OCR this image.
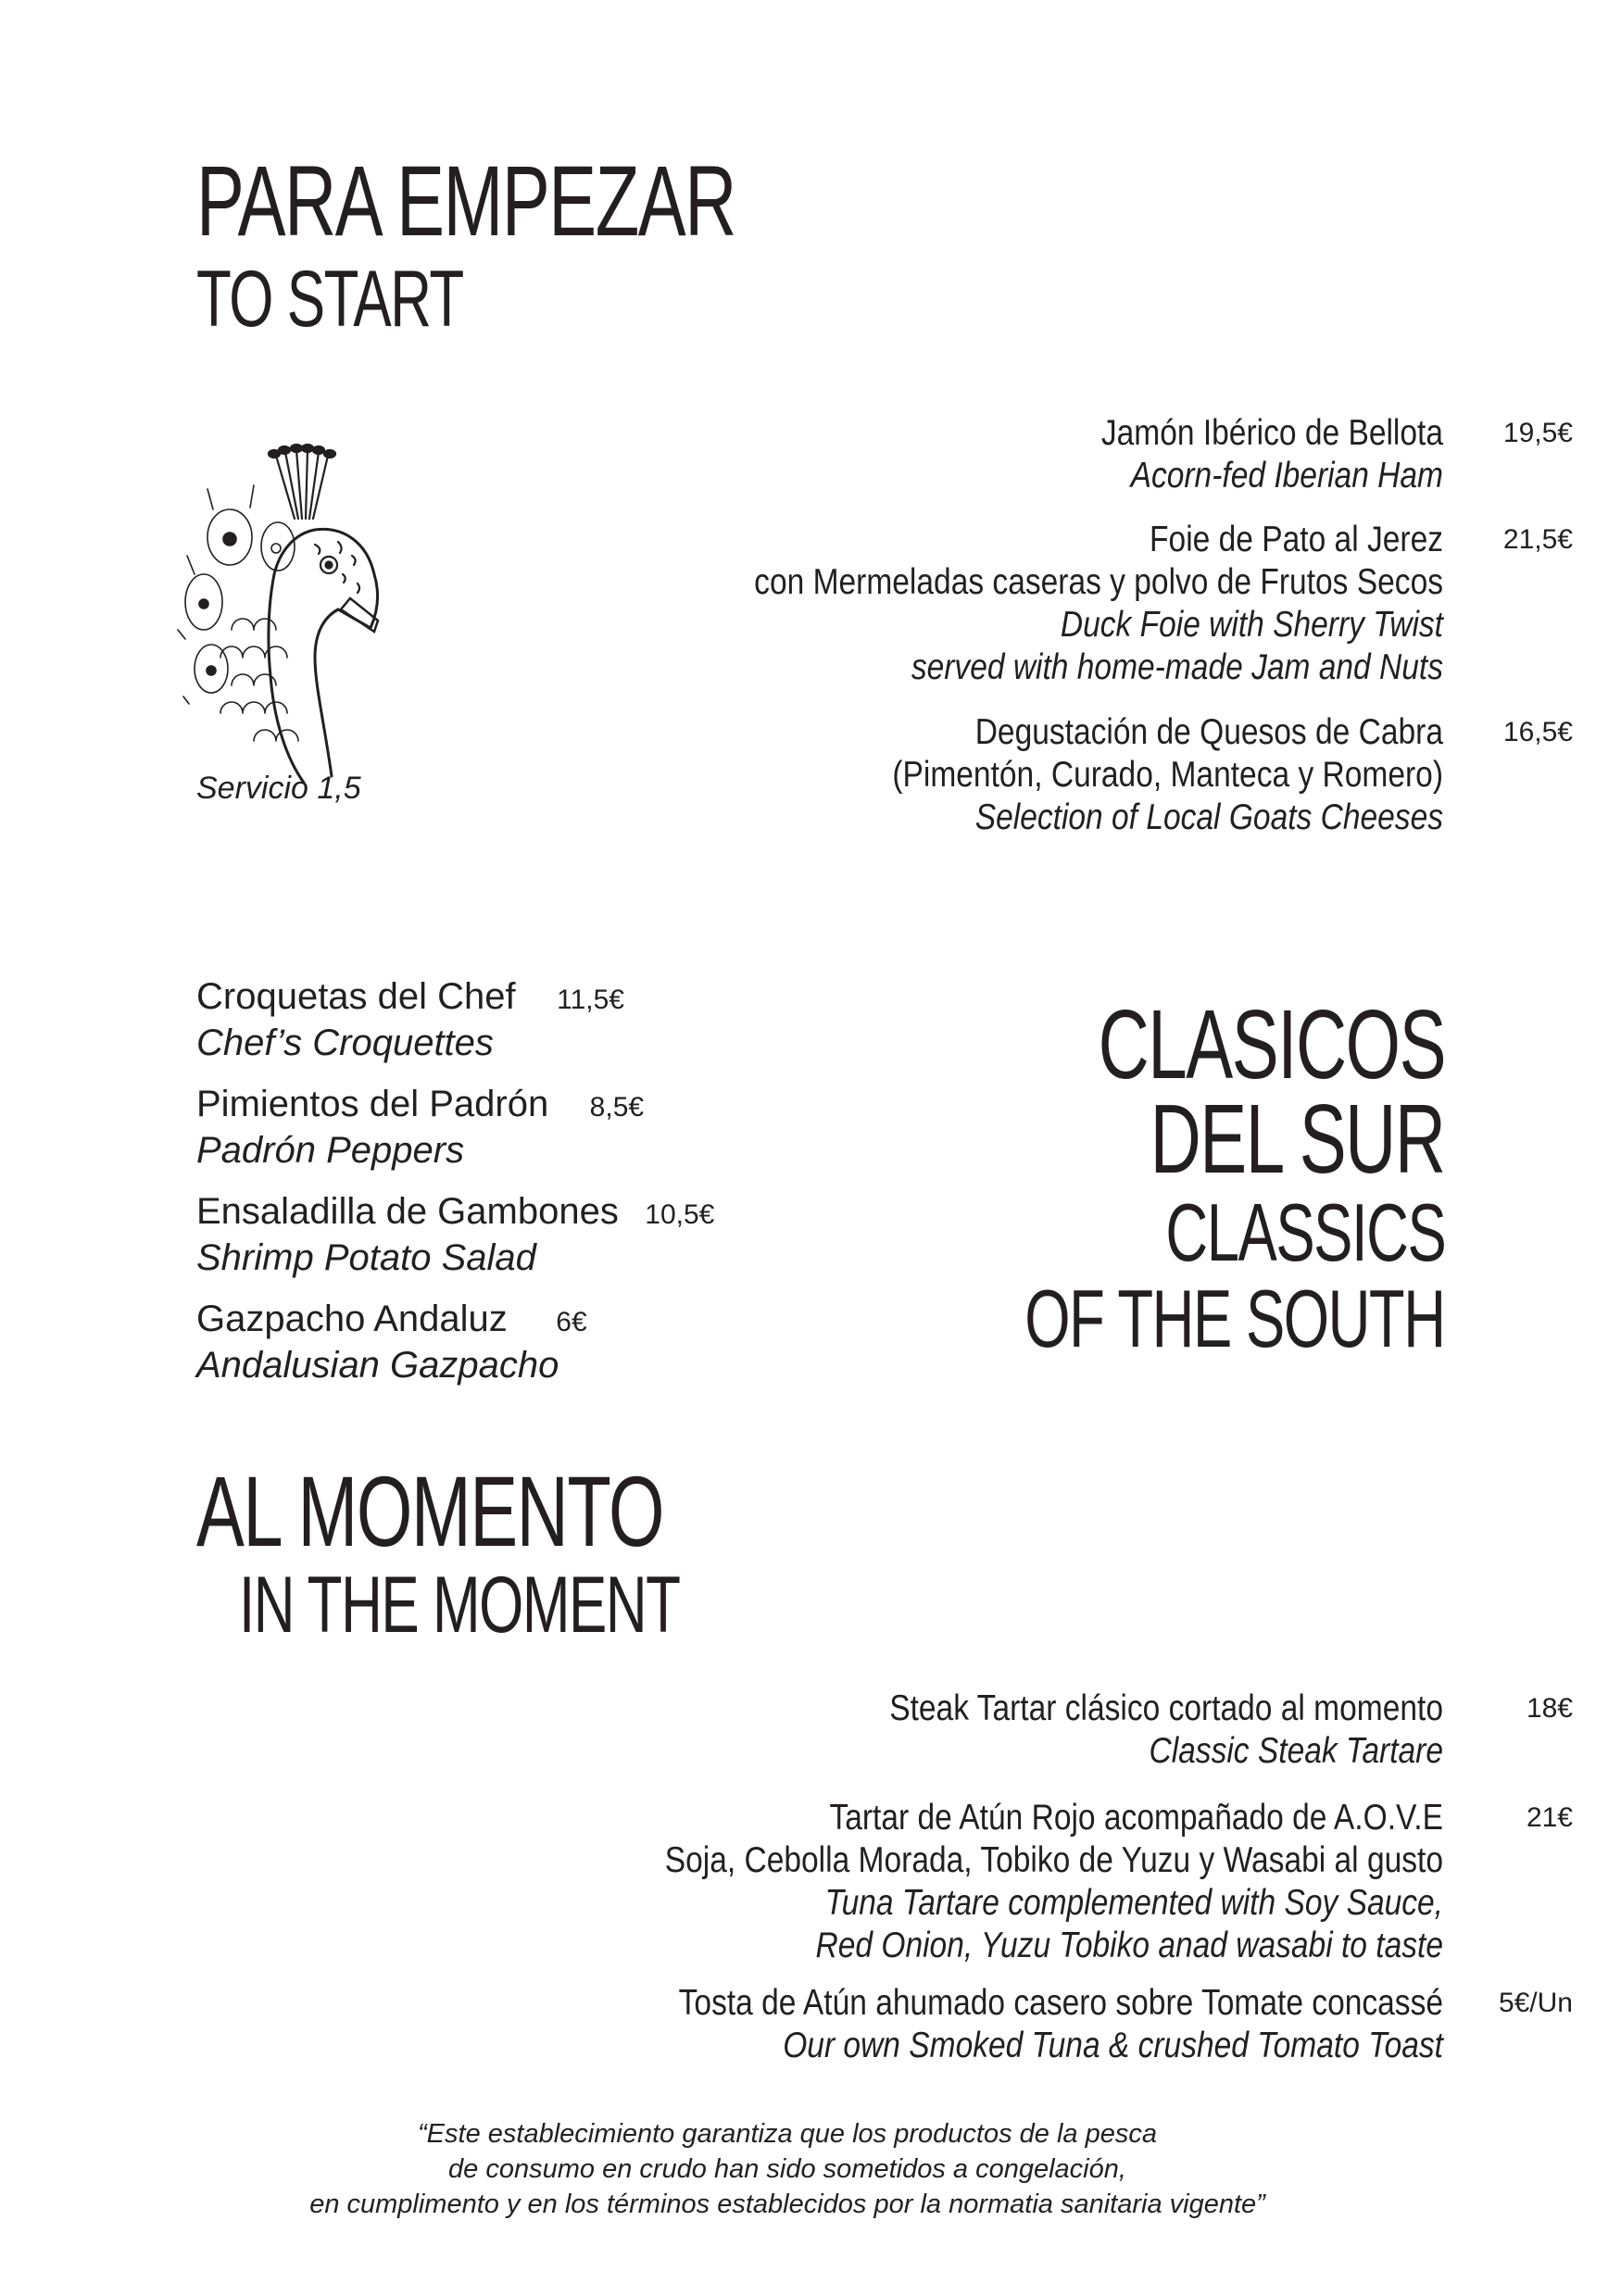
PARA EMPEZAR
TO START
Servicio 1,5
Jamón Ibérico de Bellota
Acorn-fed Iberian Ham
19,5€
Foie de Pato al Jerez
con Mermeladas caseras y polvo de Frutos Secos
Duck Foie with Sherry Twist
served with home-made Jam and Nuts
21,5€
Degustación de Quesos de Cabra
(Pimentón, Curado, Manteca y Romero)
Selection of Local Goats Cheeses
16,5€
Croquetas del Chef 11,5€
Chef’s Croquettes
Pimientos del Padrón 8,5€
Padrón Peppers
Ensaladilla de Gambones 10,5€
Shrimp Potato Salad
Gazpacho Andaluz 6€
Andalusian Gazpacho
CLASICOS
DEL SUR
CLASSICS
OF THE SOUTH
AL MOMENTO
IN THE MOMENT
Steak Tartar clásico cortado al momento
Classic Steak Tartare
18€
Tartar de Atún Rojo acompañado de A.O.V.E
Soja, Cebolla Morada, Tobiko de Yuzu y Wasabi al gusto
Tuna Tartare complemented with Soy Sauce,
Red Onion, Yuzu Tobiko anad wasabi to taste
21€
Tosta de Atún ahumado casero sobre Tomate concassé
Our own Smoked Tuna & crushed Tomato Toast
5€/Un
“Este establecimiento garantiza que los productos de la pesca
de consumo en crudo han sido sometidos a congelación,
en cumplimento y en los términos establecidos por la normatia sanitaria vigente”
